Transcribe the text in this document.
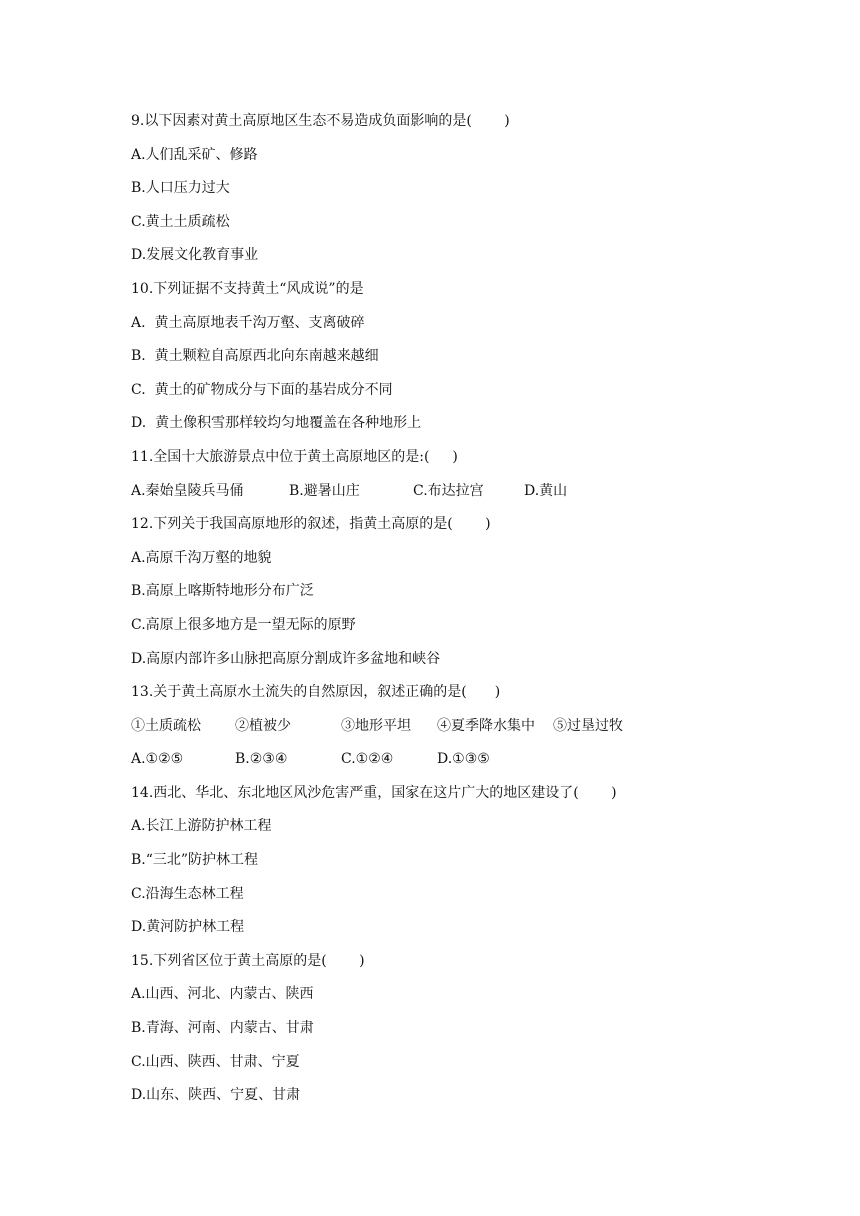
9.以下因素对黄土高原地区生态不易造成负面影响的是(　　 )
A.人们乱采矿、修路
B.人口压力过大
C.黄土土质疏松
D.发展文化教育事业
10.下列证据不支持黄土“风成说”的是
A.  黄土高原地表千沟万壑、支离破碎
B.  黄土颗粒自高原西北向东南越来越细
C.  黄土的矿物成分与下面的基岩成分不同
D.  黄土像积雪那样较均匀地覆盖在各种地形上
11.全国十大旅游景点中位于黄土高原地区的是:(　  )
A.秦始皇陵兵马俑	B.避暑山庄	C.布达拉宫	D.黄山
12.下列关于我国高原地形的叙述，指黄土高原的是(　　 )
A.高原千沟万壑的地貌
B.高原上喀斯特地形分布广泛
C.高原上很多地方是一望无际的原野
D.高原内部许多山脉把高原分割成许多盆地和峡谷
13.关于黄土高原水土流失的自然原因，叙述正确的是(　　)
①土质疏松	②植被少	③地形平坦	④夏季降水集中	⑤过垦过牧
A.①②⑤	B.②③④	C.①②④	D.①③⑤
14.西北、华北、东北地区风沙危害严重，国家在这片广大的地区建设了(　　 )
A.长江上游防护林工程
B.“三北”防护林工程
C.沿海生态林工程
D.黄河防护林工程
15.下列省区位于黄土高原的是(　　 )
A.山西、河北、内蒙古、陕西
B.青海、河南、内蒙古、甘肃
C.山西、陕西、甘肃、宁夏
D.山东、陕西、宁夏、甘肃
